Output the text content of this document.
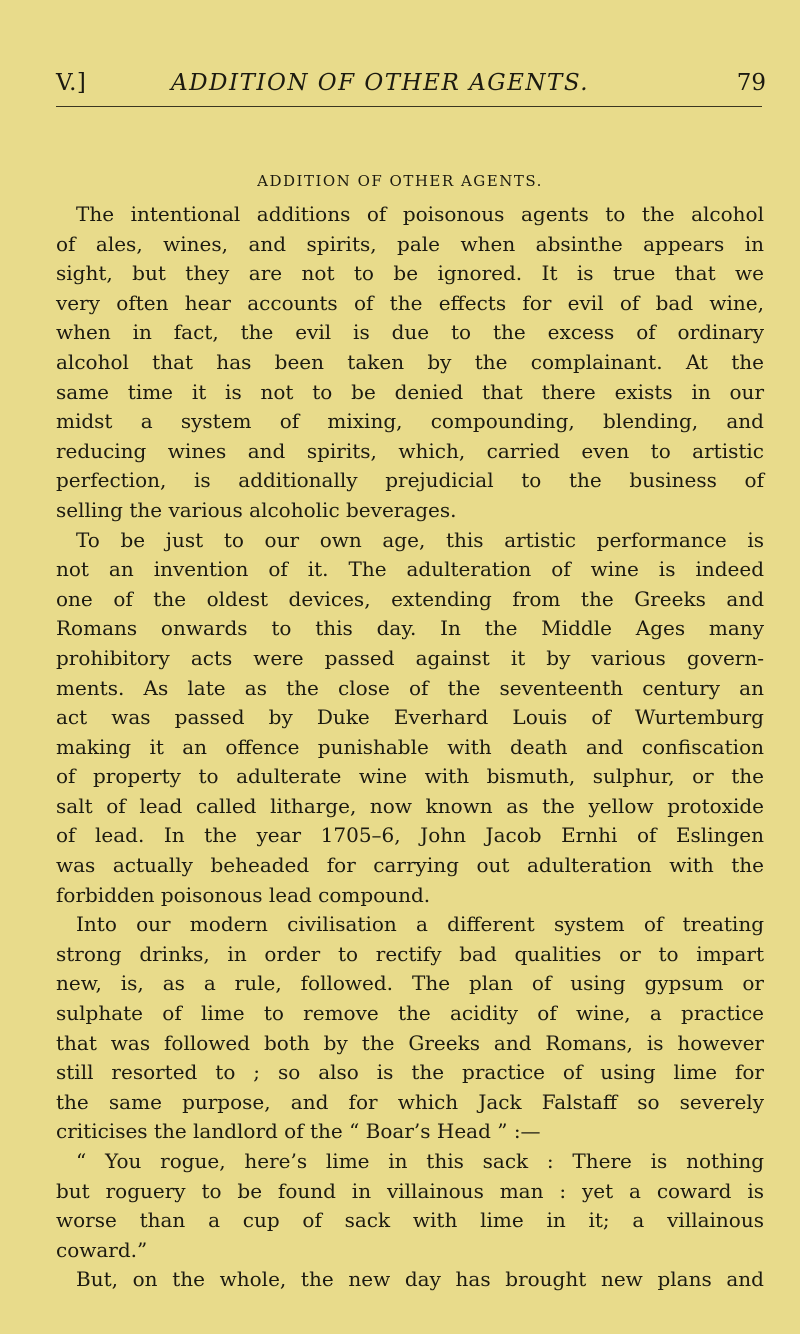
V.]	ADDITION OF OTHER AGENTS.	79
ADDITION OF OTHER AGENTS.
The intentional additions of poisonous agents to the alcohol
of ales, wines, and spirits, pale when absinthe appears in
sight, but they are not to be ignored. It is true that we
very often hear accounts of the effects for evil of bad wine,
when in fact, the evil is due to the excess of ordinary
alcohol that has been taken by the complainant. At the
same time it is not to be denied that there exists in our
midst a system of mixing, compounding, blending, and
reducing wines and spirits, which, carried even to artistic
perfection, is additionally prejudicial to the business of
selling the various alcoholic beverages.
To be just to our own age, this artistic performance is
not an invention of it. The adulteration of wine is indeed
one of the oldest devices, extending from the Greeks and
Romans onwards to this day. In the Middle Ages many
prohibitory acts were passed against it by various govern-
ments. As late as the close of the seventeenth century an
act was passed by Duke Everhard Louis of Wurtemburg
making it an offence punishable with death and confiscation
of property to adulterate wine with bismuth, sulphur, or the
salt of lead called litharge, now known as the yellow protoxide
of lead. In the year 1705–6, John Jacob Ernhi of Eslingen
was actually beheaded for carrying out adulteration with the
forbidden poisonous lead compound.
Into our modern civilisation a different system of treating
strong drinks, in order to rectify bad qualities or to impart
new, is, as a rule, followed. The plan of using gypsum or
sulphate of lime to remove the acidity of wine, a practice
that was followed both by the Greeks and Romans, is however
still resorted to ; so also is the practice of using lime for
the same purpose, and for which Jack Falstaff so severely
criticises the landlord of the “ Boar’s Head ” :—
“ You rogue, here’s lime in this sack : There is nothing
but roguery to be found in villainous man : yet a coward is
worse than a cup of sack with lime in it; a villainous
coward.”
But, on the whole, the new day has brought new plans and
